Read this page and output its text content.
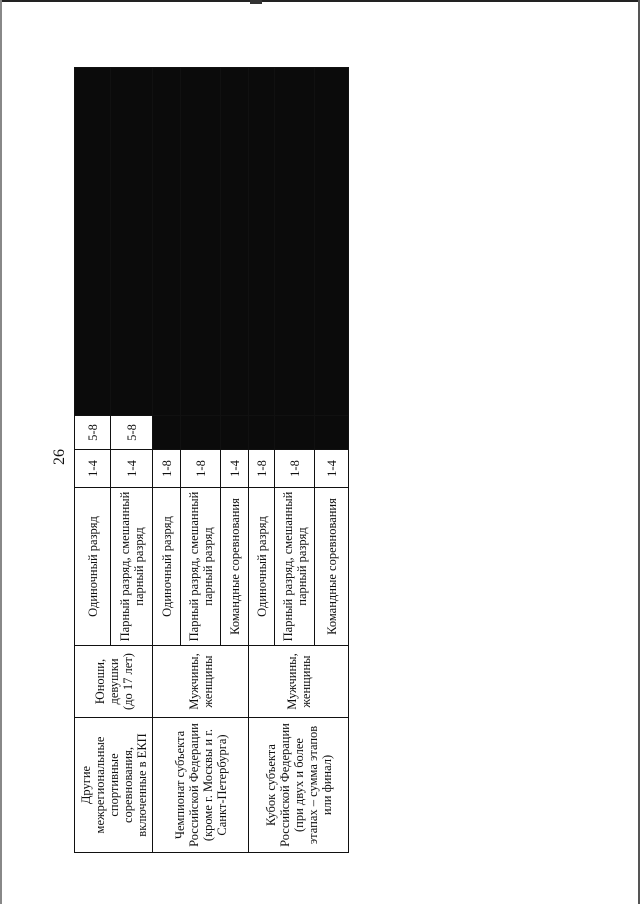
26
Другие межрегиональные спортивные соревнования, включенные в ЕКП	Юноши, девушки (до 17 лет)	Одиночный разряд	1-4	5-8	
		Парный разряд, смешанный парный разряд	1-4	5-8	
Чемпионат субъекта Российской Федерации (кроме г. Москвы и г. Санкт-Петербурга)	Мужчины, женщины	Одиночный разряд	1-8		
		Парный разряд, смешанный парный разряд	1-8		
		Командные соревнования	1-4		
Кубок субъекта Российской Федерации (при двух и более этапах – сумма этапов или финал)	Мужчины, женщины	Одиночный разряд	1-8		
		Парный разряд, смешанный парный разряд	1-8		
		Командные соревнования	1-4		
